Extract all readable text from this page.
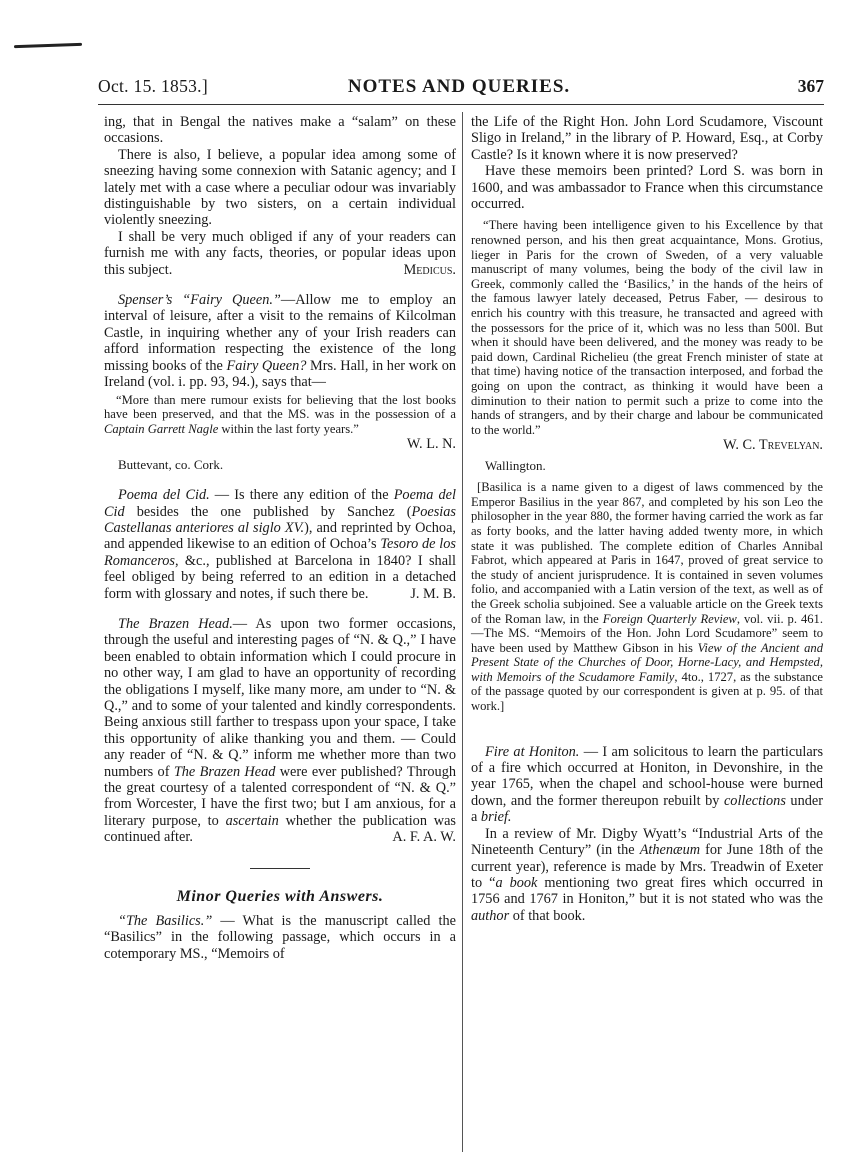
Oct. 15. 1853.]	NOTES AND QUERIES.	367

ing, that in Bengal the natives make a “salam” on these occasions.

There is also, I believe, a popular idea among some of sneezing having some connexion with Satanic agency; and I lately met with a case where a peculiar odour was invariably distinguishable by two sisters, on a certain individual violently sneezing.

I shall be very much obliged if any of your readers can furnish me with any facts, theories, or popular ideas upon this subject.	Medicus.

Spenser’s “Fairy Queen.”—Allow me to employ an interval of leisure, after a visit to the remains of Kilcolman Castle, in inquiring whether any of your Irish readers can afford information respecting the existence of the long missing books of the Fairy Queen? Mrs. Hall, in her work on Ireland (vol. i. pp. 93, 94.), says that—

“More than mere rumour exists for believing that the lost books have been preserved, and that the MS. was in the possession of a Captain Garrett Nagle within the last forty years.”

W. L. N.

Buttevant, co. Cork.

Poema del Cid. — Is there any edition of the Poema del Cid besides the one published by Sanchez (Poesias Castellanas anteriores al siglo XV.), and reprinted by Ochoa, and appended likewise to an edition of Ochoa’s Tesoro de los Romanceros, &c., published at Barcelona in 1840? I shall feel obliged by being referred to an edition in a detached form with glossary and notes, if such there be.	J. M. B.

The Brazen Head.— As upon two former occasions, through the useful and interesting pages of “N. & Q.,” I have been enabled to obtain information which I could procure in no other way, I am glad to have an opportunity of recording the obligations I myself, like many more, am under to “N. & Q.,” and to some of your talented and kindly correspondents. Being anxious still farther to trespass upon your space, I take this opportunity of alike thanking you and them. — Could any reader of “N. & Q.” inform me whether more than two numbers of The Brazen Head were ever published? Through the great courtesy of a talented correspondent of “N. & Q.” from Worcester, I have the first two; but I am anxious, for a literary purpose, to ascertain whether the publication was continued after.	A. F. A. W.

Minor Queries with Answers.

“The Basilics.” — What is the manuscript called the “Basilics” in the following passage, which occurs in a cotemporary MS., “Memoirs of

the Life of the Right Hon. John Lord Scudamore, Viscount Sligo in Ireland,” in the library of P. Howard, Esq., at Corby Castle? Is it known where it is now preserved?

Have these memoirs been printed? Lord S. was born in 1600, and was ambassador to France when this circumstance occurred.

“There having been intelligence given to his Excellence by that renowned person, and his then great acquaintance, Mons. Grotius, lieger in Paris for the crown of Sweden, of a very valuable manuscript of many volumes, being the body of the civil law in Greek, commonly called the ‘Basilics,’ in the hands of the heirs of the famous lawyer lately deceased, Petrus Faber, — desirous to enrich his country with this treasure, he transacted and agreed with the possessors for the price of it, which was no less than 500l. But when it should have been delivered, and the money was ready to be paid down, Cardinal Richelieu (the great French minister of state at that time) having notice of the transaction interposed, and forbad the going on upon the contract, as thinking it would have been a diminution to their nation to permit such a prize to come into the hands of strangers, and by their charge and labour be communicated to the world.”

W. C. Trevelyan.

Wallington.

[Basilica is a name given to a digest of laws commenced by the Emperor Basilius in the year 867, and completed by his son Leo the philosopher in the year 880, the former having carried the work as far as forty books, and the latter having added twenty more, in which state it was published. The complete edition of Charles Annibal Fabrot, which appeared at Paris in 1647, proved of great service to the study of ancient jurisprudence. It is contained in seven volumes folio, and accompanied with a Latin version of the text, as well as of the Greek scholia subjoined. See a valuable article on the Greek texts of the Roman law, in the Foreign Quarterly Review, vol. vii. p. 461.—The MS. “Memoirs of the Hon. John Lord Scudamore” seem to have been used by Matthew Gibson in his View of the Ancient and Present State of the Churches of Door, Horne-Lacy, and Hempsted, with Memoirs of the Scudamore Family, 4to., 1727, as the substance of the passage quoted by our correspondent is given at p. 95. of that work.]

Fire at Honiton. — I am solicitous to learn the particulars of a fire which occurred at Honiton, in Devonshire, in the year 1765, when the chapel and school-house were burned down, and the former thereupon rebuilt by collections under a brief.

In a review of Mr. Digby Wyatt’s “Industrial Arts of the Nineteenth Century” (in the Athenæum for June 18th of the current year), reference is made by Mrs. Treadwin of Exeter to “a book mentioning two great fires which occurred in 1756 and 1767 in Honiton,” but it is not stated who was the author of that book.
